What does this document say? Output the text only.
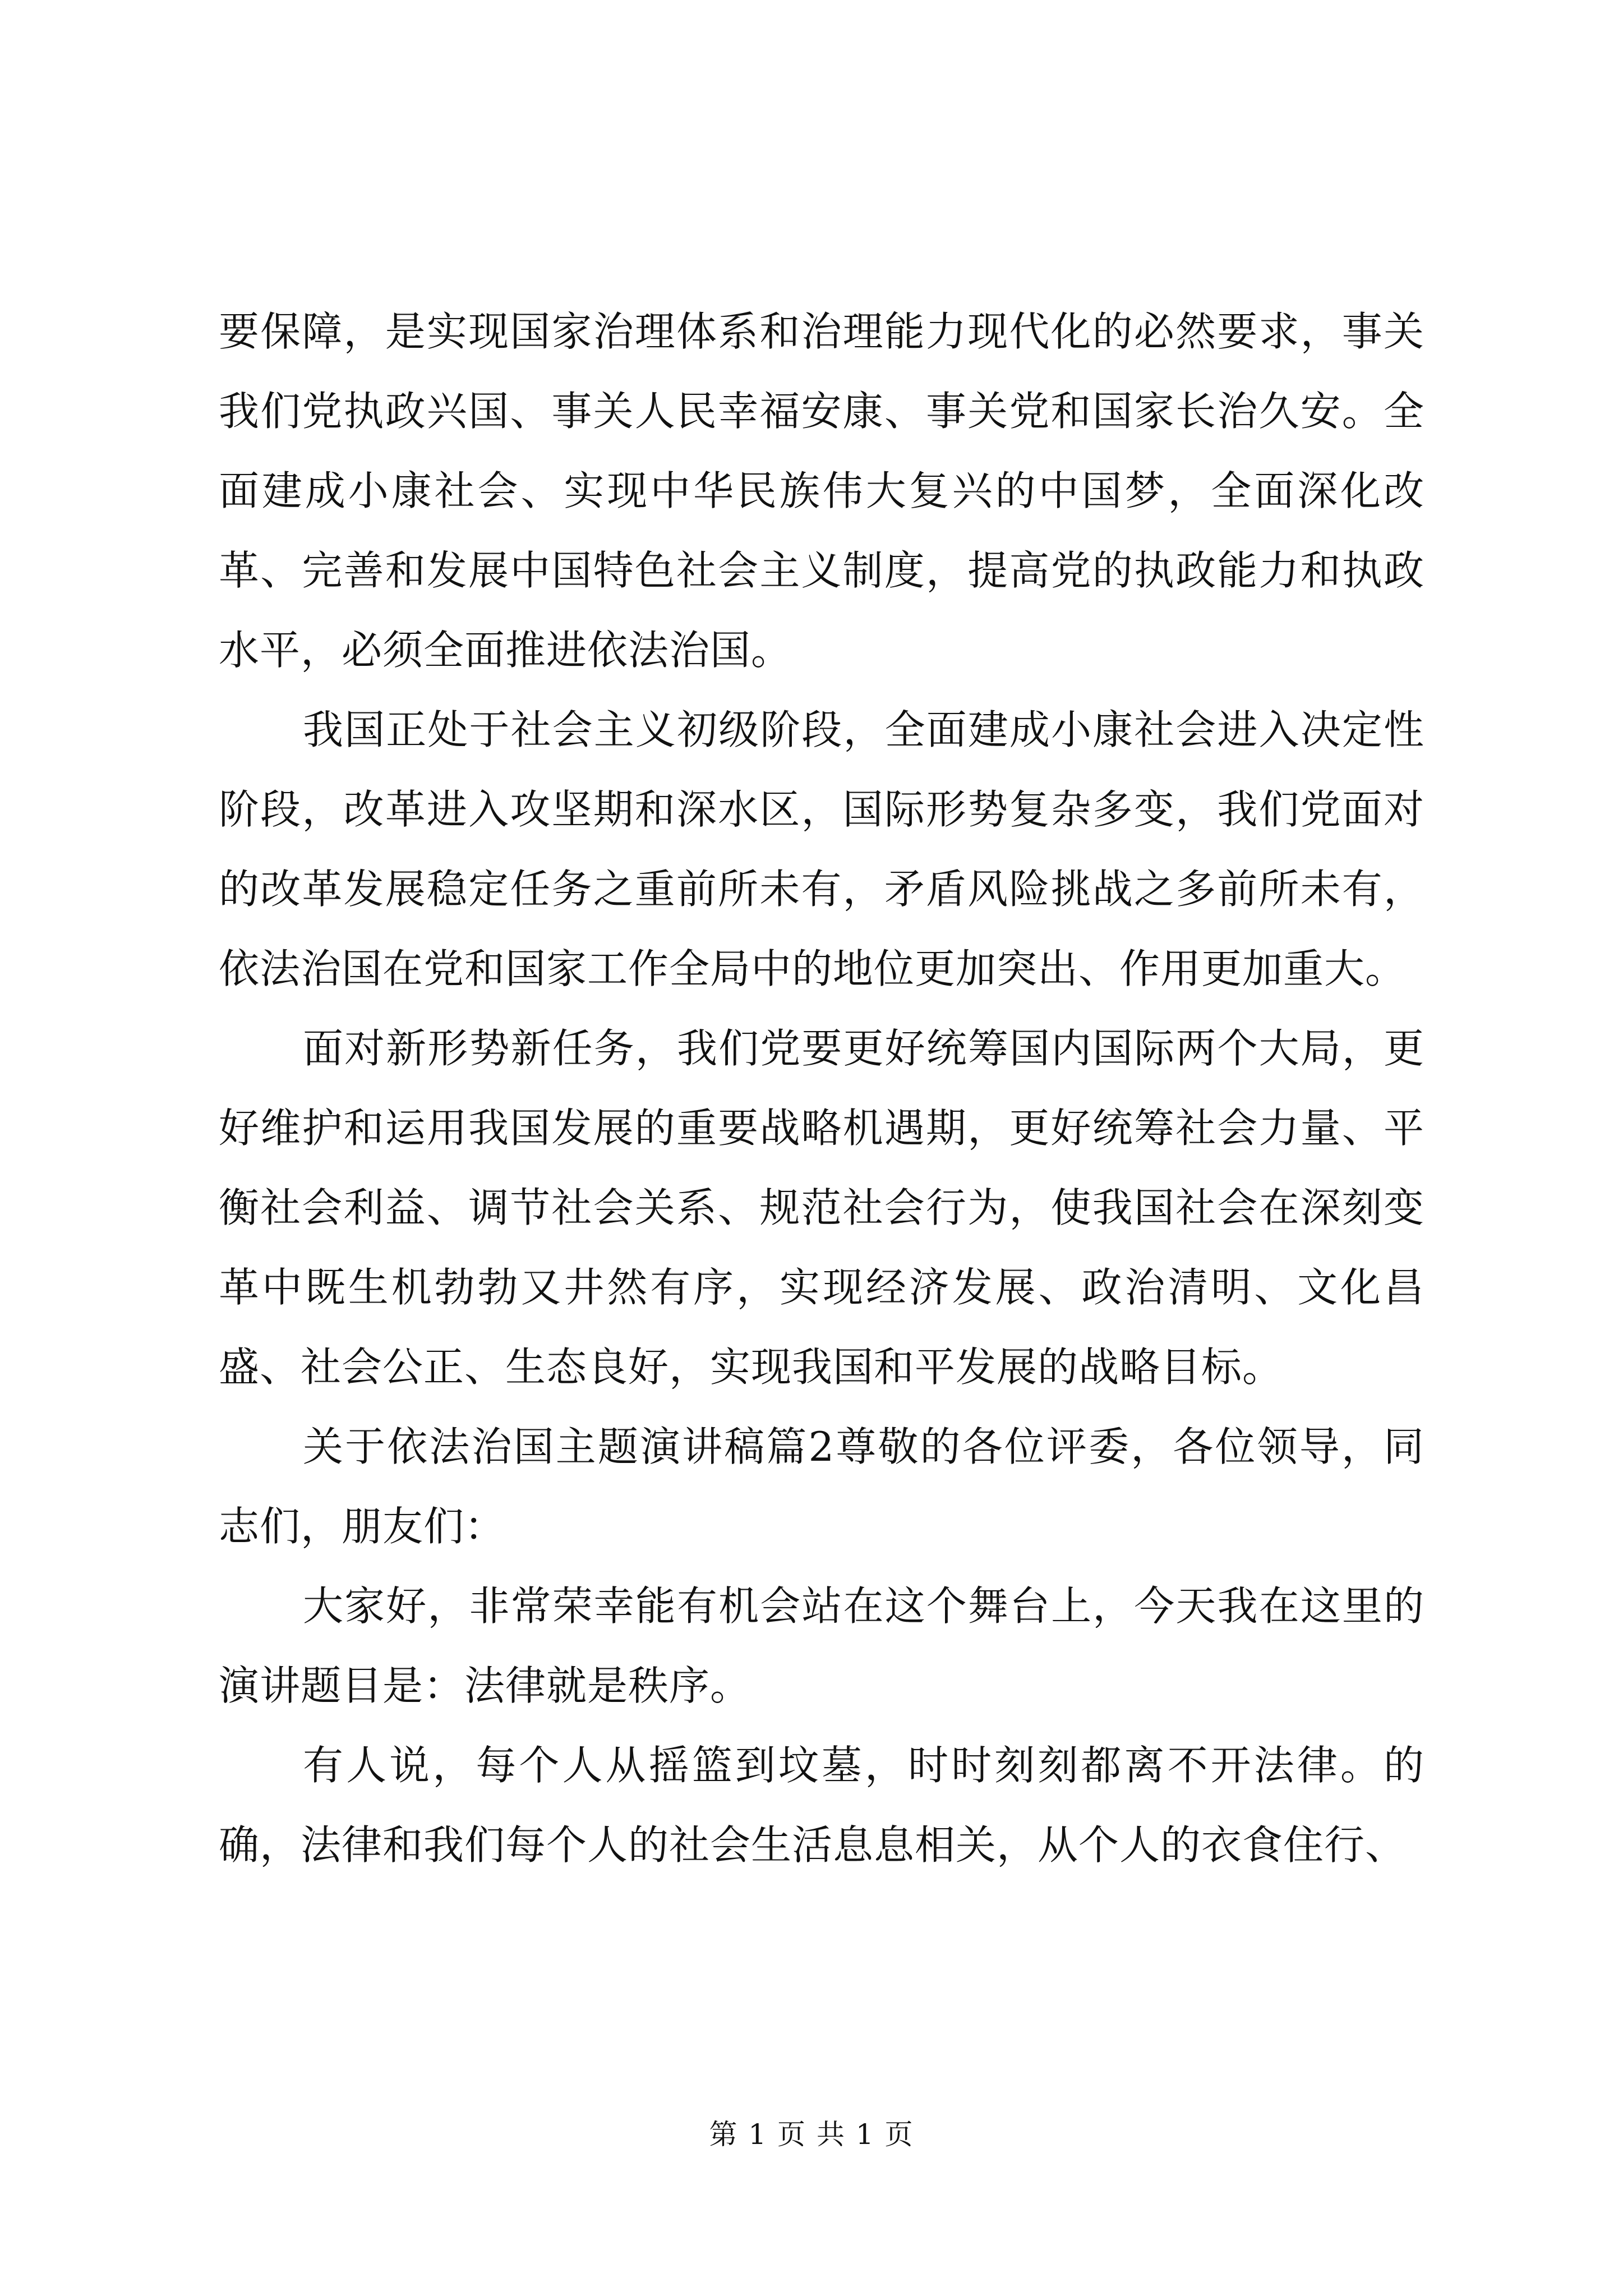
要保障，是实现国家治理体系和治理能力现代化的必然要求，事关我们党执政兴国、事关人民幸福安康、事关党和国家长治久安。全面建成小康社会、实现中华民族伟大复兴的中国梦，全面深化改革、完善和发展中国特色社会主义制度，提高党的执政能力和执政水平，必须全面推进依法治国。

我国正处于社会主义初级阶段，全面建成小康社会进入决定性阶段，改革进入攻坚期和深水区，国际形势复杂多变，我们党面对的改革发展稳定任务之重前所未有，矛盾风险挑战之多前所未有，依法治国在党和国家工作全局中的地位更加突出、作用更加重大。

面对新形势新任务，我们党要更好统筹国内国际两个大局，更好维护和运用我国发展的重要战略机遇期，更好统筹社会力量、平衡社会利益、调节社会关系、规范社会行为，使我国社会在深刻变革中既生机勃勃又井然有序，实现经济发展、政治清明、文化昌盛、社会公正、生态良好，实现我国和平发展的战略目标。

关于依法治国主题演讲稿篇2尊敬的各位评委，各位领导，同志们，朋友们：

大家好，非常荣幸能有机会站在这个舞台上，今天我在这里的演讲题目是：法律就是秩序。

有人说，每个人从摇篮到坟墓，时时刻刻都离不开法律。的确，法律和我们每个人的社会生活息息相关，从个人的衣食住行、

第 1 页 共 1 页
